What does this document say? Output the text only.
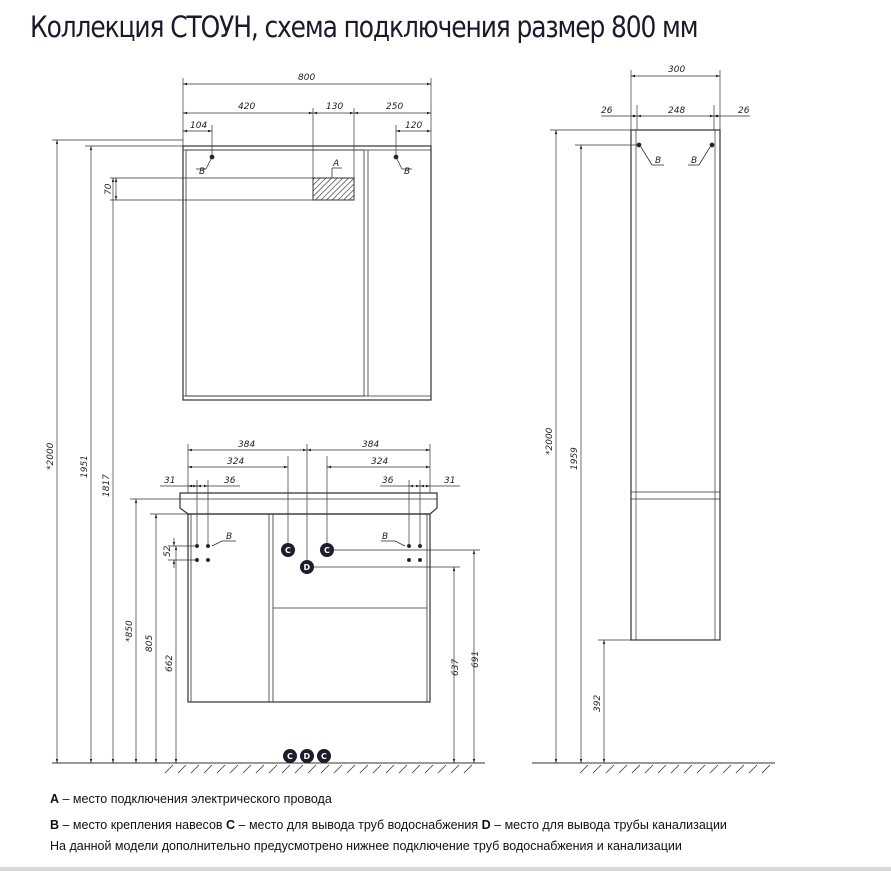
Коллекция СТОУН, схема подключения размер 800 мм
A
B	B
800
420	130	250
104	120
70
B	B
C	C
D
C D C
384	384
324	324
31	36	36	31
52
*2000	1951
1817
*850
805
662	637 691
B	B
300
26	248	26
*2000
1959
392

A – место подключения электрического провода

B – место крепления навесов C – место для вывода труб водоснабжения D – место для вывода трубы канализации

На данной модели дополнительно предусмотрено нижнее подключение труб водоснабжения и канализации
